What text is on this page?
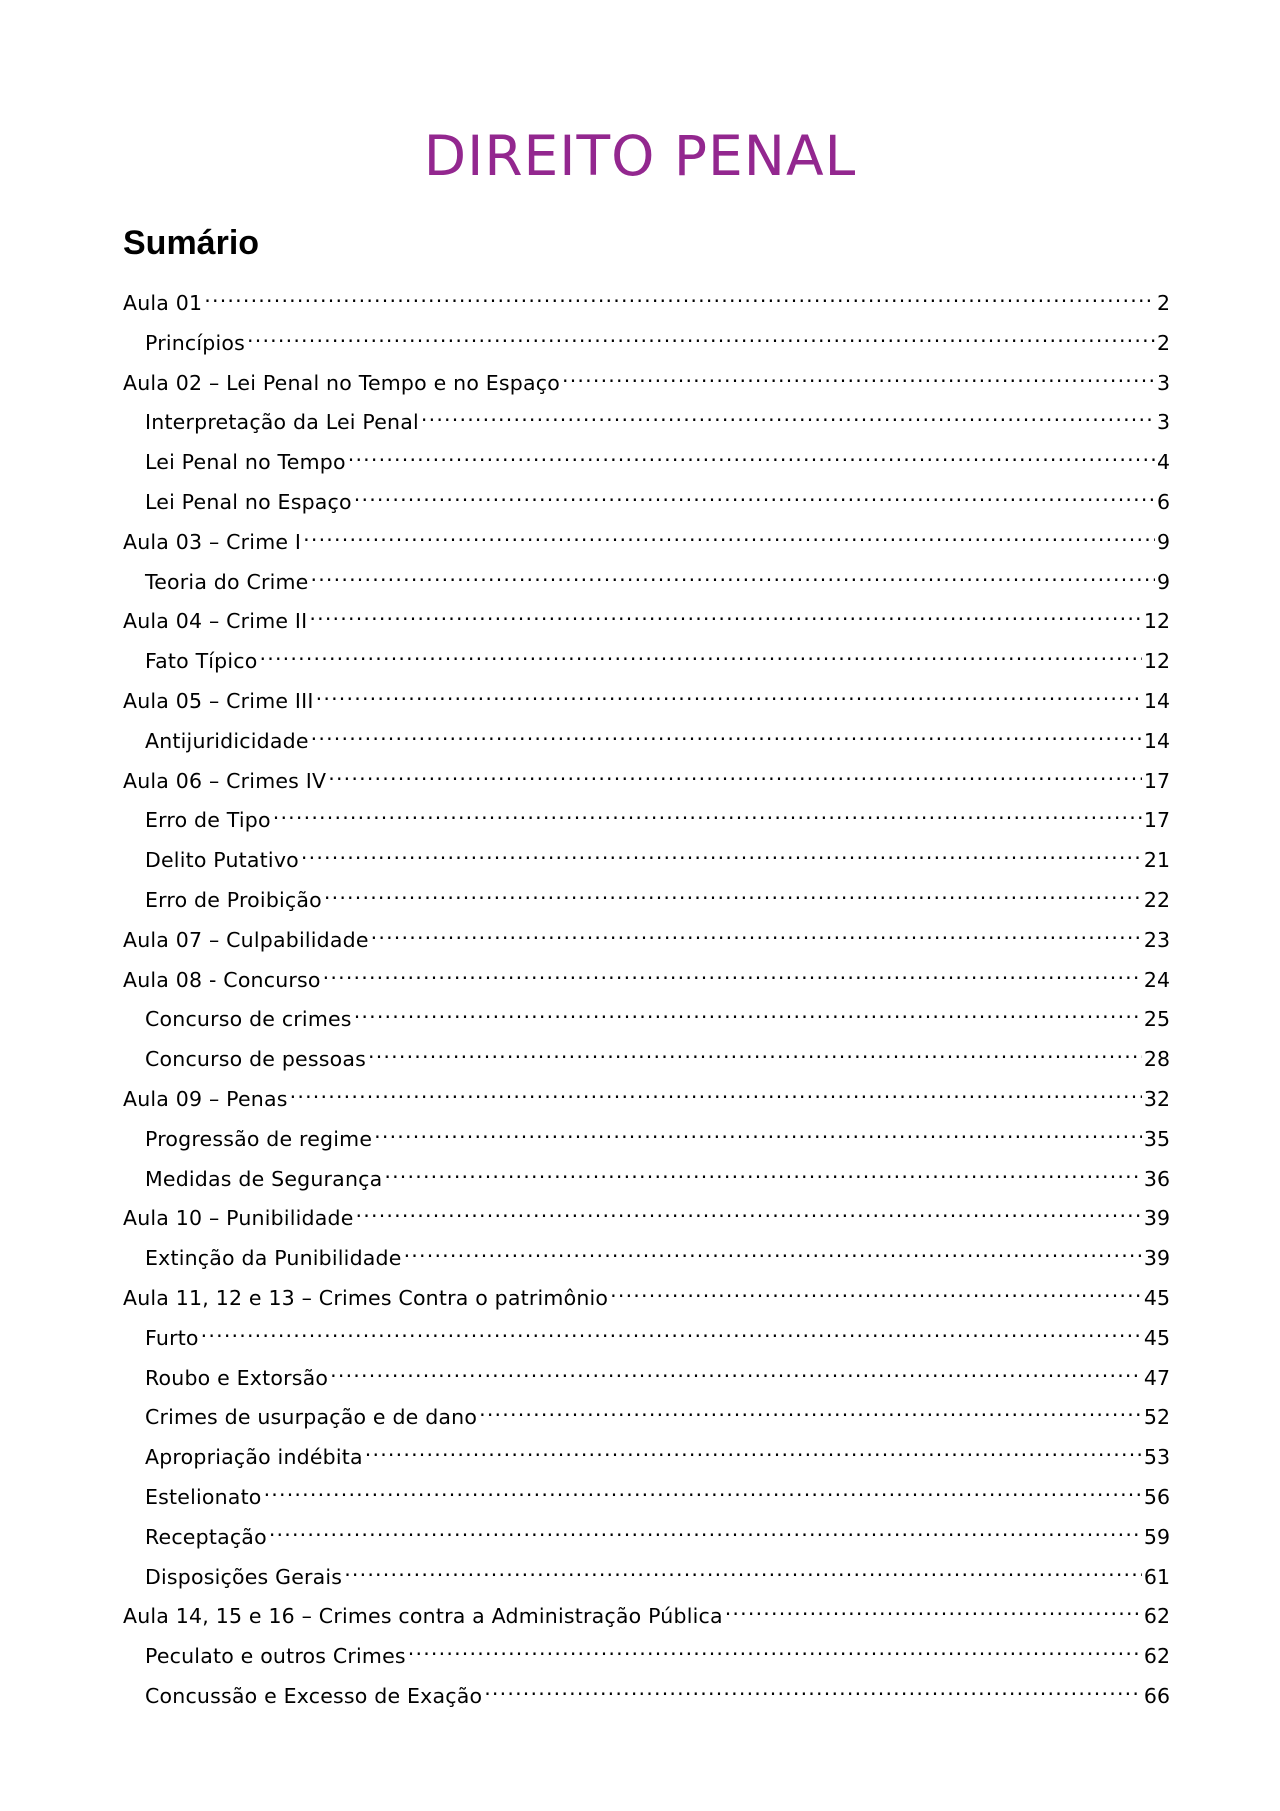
DIREITO PENAL
Sumário
Aula 01 .....	2
Princípios .....	2
Aula 02 – Lei Penal no Tempo e no Espaço .....	3
Interpretação da Lei Penal .....	3
Lei Penal no Tempo .....	4
Lei Penal no Espaço .....	6
Aula 03 – Crime I .....	9
Teoria do Crime .....	9
Aula 04 – Crime II .....	12
Fato Típico .....	12
Aula 05 – Crime III .....	14
Antijuridicidade .....	14
Aula 06 – Crimes IV .....	17
Erro de Tipo .....	17
Delito Putativo .....	21
Erro de Proibição .....	22
Aula 07 – Culpabilidade .....	23
Aula 08 - Concurso .....	24
Concurso de crimes .....	25
Concurso de pessoas .....	28
Aula 09 – Penas .....	32
Progressão de regime .....	35
Medidas de Segurança .....	36
Aula 10 – Punibilidade .....	39
Extinção da Punibilidade .....	39
Aula 11, 12 e 13 – Crimes Contra o patrimônio .....	45
Furto .....	45
Roubo e Extorsão .....	47
Crimes de usurpação e de dano .....	52
Apropriação indébita .....	53
Estelionato .....	56
Receptação .....	59
Disposições Gerais .....	61
Aula 14, 15 e 16 – Crimes contra a Administração Pública .....	62
Peculato e outros Crimes .....	62
Concussão e Excesso de Exação .....	66
